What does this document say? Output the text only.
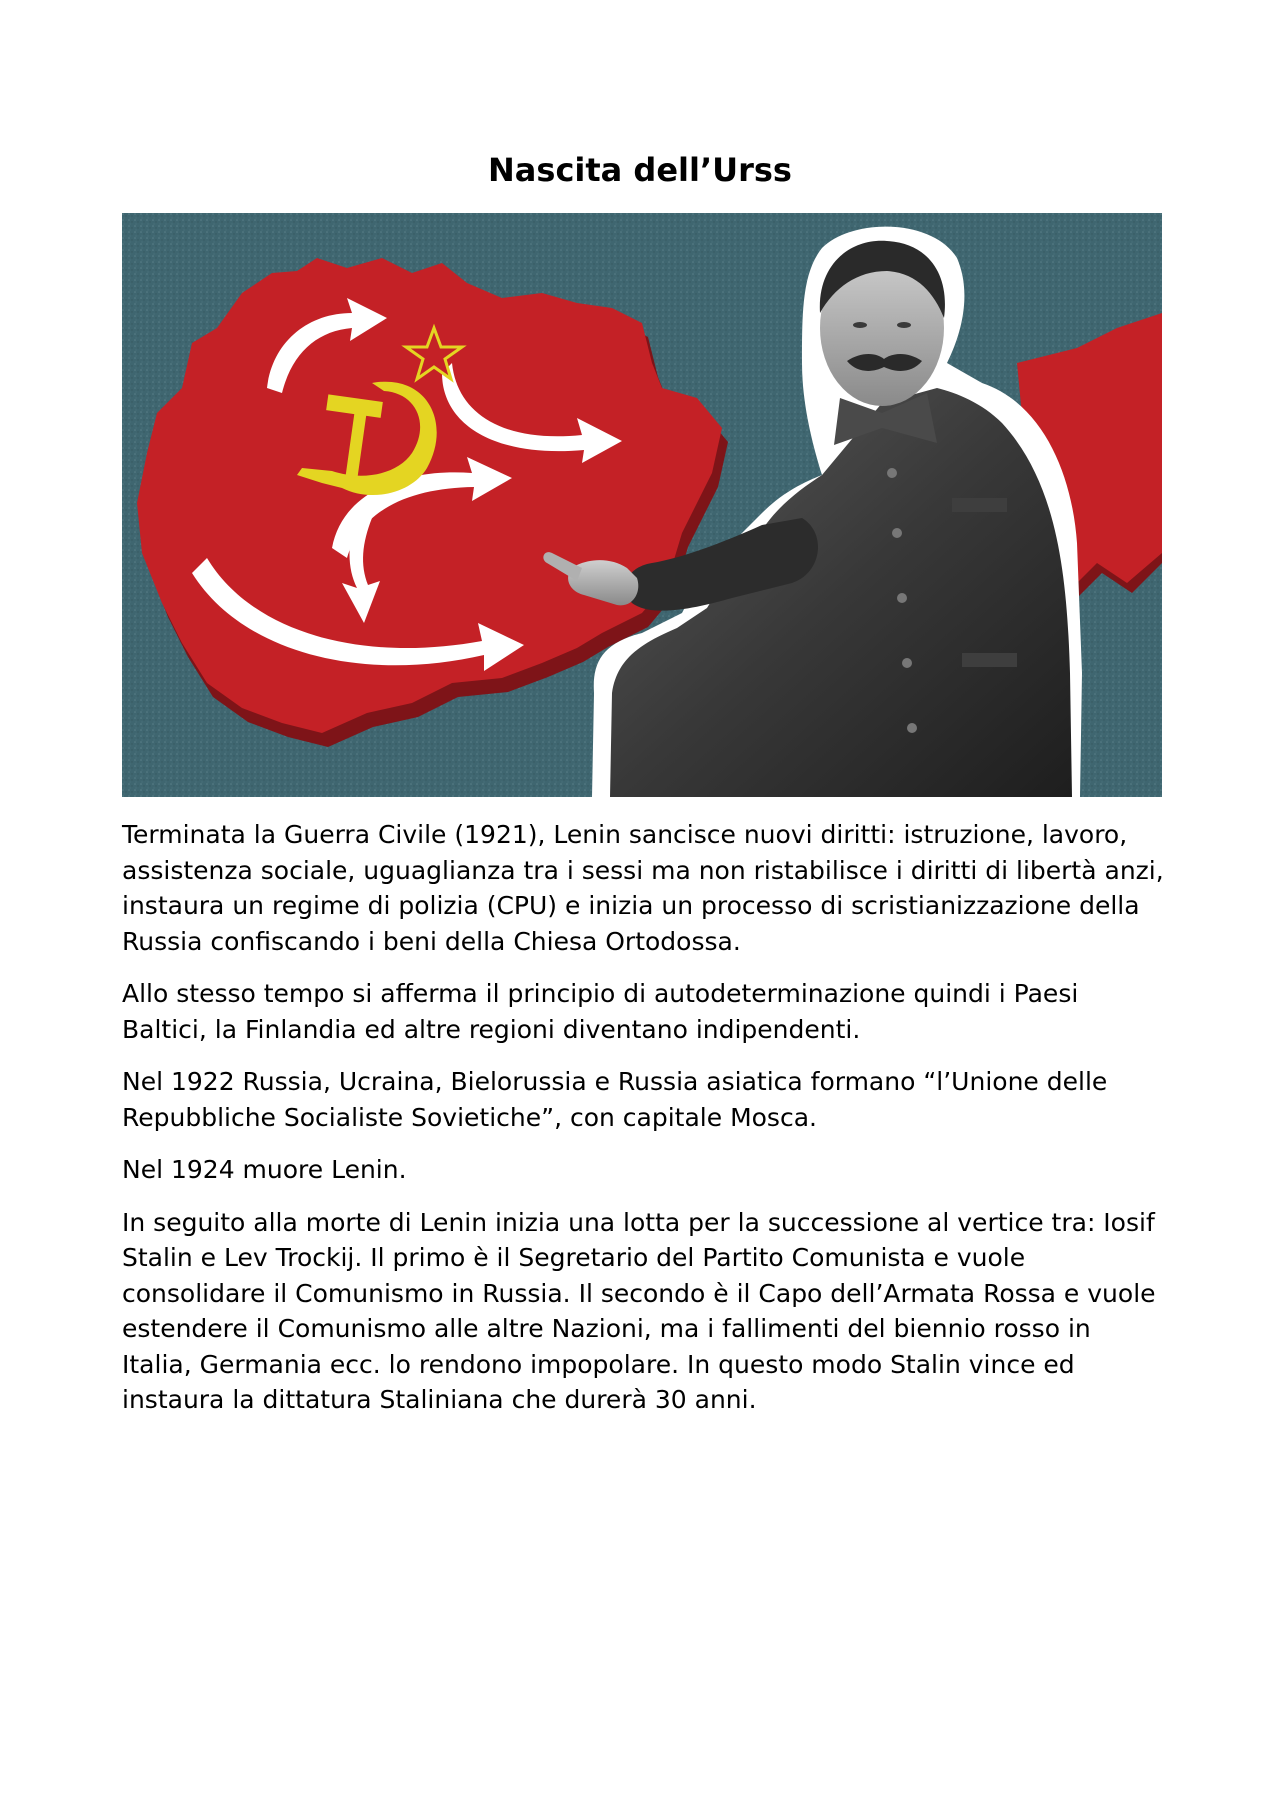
Nascita dell’Urss

Terminata la Guerra Civile (1921), Lenin sancisce nuovi diritti: istruzione, lavoro, assistenza sociale, uguaglianza tra i sessi ma non ristabilisce i diritti di libertà anzi, instaura un regime di polizia (CPU) e inizia un processo di scristianizzazione della Russia confiscando i beni della Chiesa Ortodossa.

Allo stesso tempo si afferma il principio di autodeterminazione quindi i Paesi Baltici, la Finlandia ed altre regioni diventano indipendenti.

Nel 1922 Russia, Ucraina, Bielorussia e Russia asiatica formano “l’Unione delle Repubbliche Socialiste Sovietiche”, con capitale Mosca.

Nel 1924 muore Lenin.

In seguito alla morte di Lenin inizia una lotta per la successione al vertice tra: Iosif Stalin e Lev Trockij. Il primo è il Segretario del Partito Comunista e vuole consolidare il Comunismo in Russia. Il secondo è il Capo dell’Armata Rossa e vuole estendere il Comunismo alle altre Nazioni, ma i fallimenti del biennio rosso in Italia, Germania ecc. lo rendono impopolare. In questo modo Stalin vince ed instaura la dittatura Staliniana che durerà 30 anni.
